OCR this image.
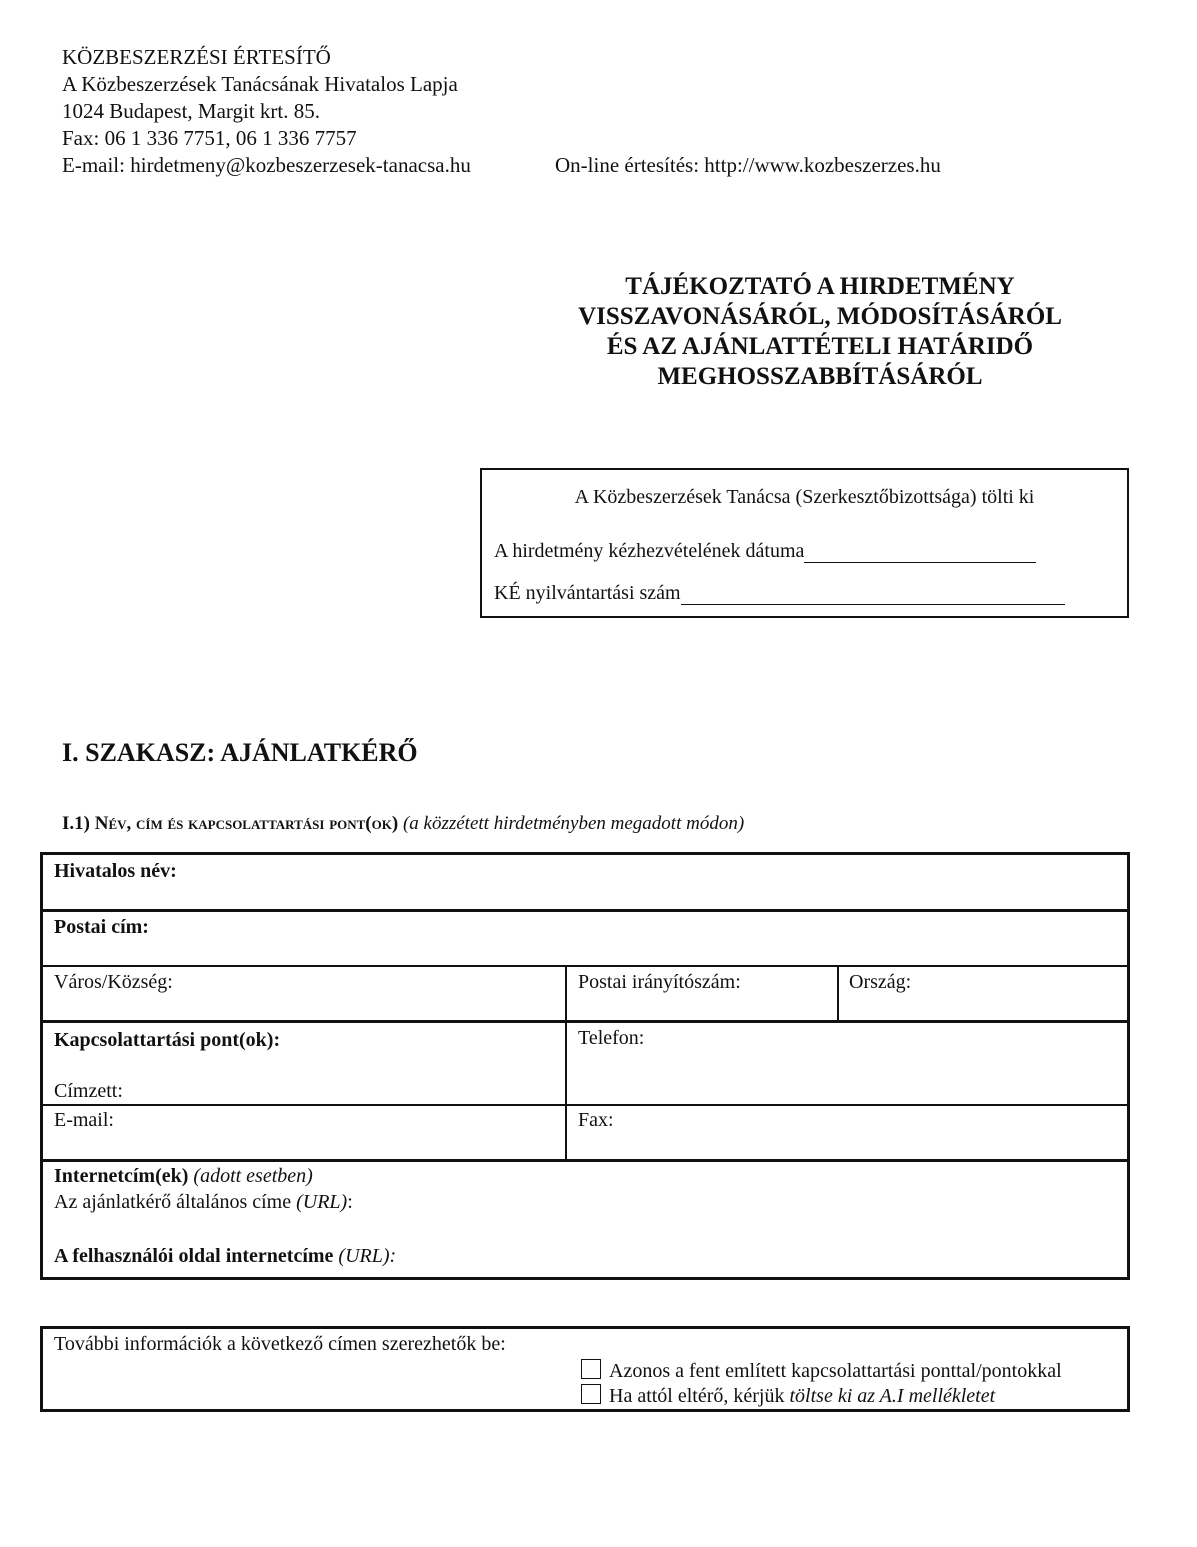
KÖZBESZERZÉSI ÉRTESÍTŐ
A Közbeszerzések Tanácsának Hivatalos Lapja
1024 Budapest, Margit krt. 85.
Fax: 06 1 336 7751, 06 1 336 7757
E-mail: hirdetmeny@kozbeszerzesek-tanacsa.hu	On-line értesítés: http://www.kozbeszerzes.hu
TÁJÉKOZTATÓ A HIRDETMÉNY
VISSZAVONÁSÁRÓL, MÓDOSÍTÁSÁRÓL
ÉS AZ AJÁNLATTÉTELI HATÁRIDŐ
MEGHOSSZABBÍTÁSÁRÓL
A Közbeszerzések Tanácsa (Szerkesztőbizottsága) tölti ki
A hirdetmény kézhezvételének dátuma
KÉ nyilvántartási szám
I. SZAKASZ: AJÁNLATKÉRŐ
I.1) Név, cím és kapcsolattartási pont(ok) (a közzétett hirdetményben megadott módon)
Hivatalos név:
Postai cím:
Város/Község:	Postai irányítószám:	Ország:
Kapcsolattartási pont(ok):
Címzett:
Telefon:
E-mail:	Fax:
Internetcím(ek) (adott esetben)
Az ajánlatkérő általános címe (URL):
A felhasználói oldal internetcíme (URL):
További információk a következő címen szerezhetők be:
Azonos a fent említett kapcsolattartási ponttal/pontokkal
Ha attól eltérő, kérjük töltse ki az A.I mellékletet
